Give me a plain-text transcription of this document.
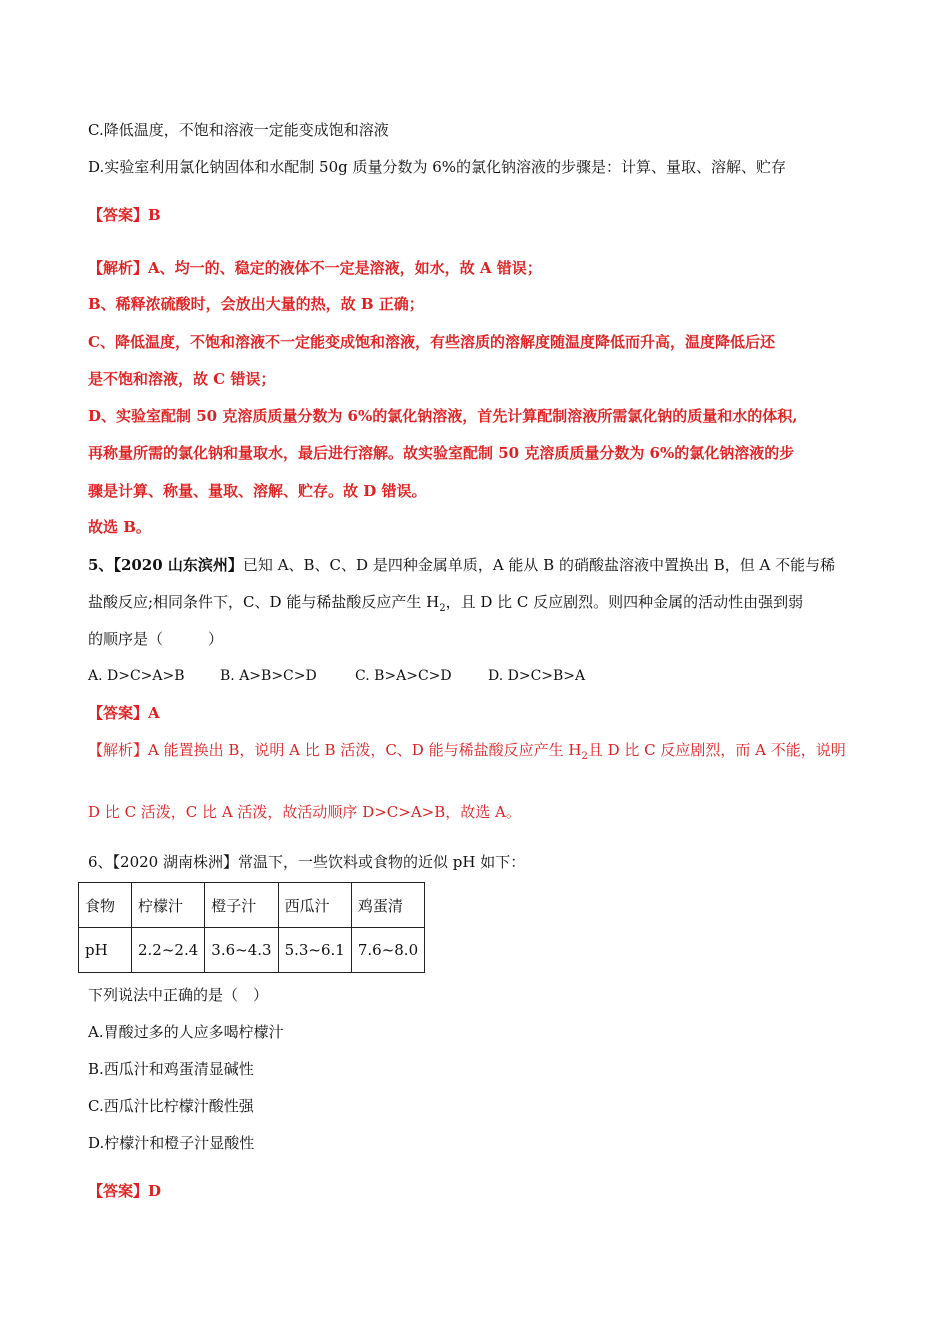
C.降低温度，不饱和溶液一定能变成饱和溶液
D.实验室利用氯化钠固体和水配制 50g 质量分数为 6%的氯化钠溶液的步骤是：计算、量取、溶解、贮存
【答案】B
【解析】A、均一的、稳定的液体不一定是溶液，如水，故 A 错误；
B、稀释浓硫酸时，会放出大量的热，故 B 正确；
C、降低温度，不饱和溶液不一定能变成饱和溶液，有些溶质的溶解度随温度降低而升高，温度降低后还
是不饱和溶液，故 C 错误；
D、实验室配制 50 克溶质质量分数为 6%的氯化钠溶液，首先计算配制溶液所需氯化钠的质量和水的体积,
再称量所需的氯化钠和量取水，最后进行溶解。故实验室配制 50 克溶质质量分数为 6%的氯化钠溶液的步
骤是计算、称量、量取、溶解、贮存。故 D 错误。
故选 B。
5、【2020 山东滨州】已知 A、B、C、D 是四种金属单质，A 能从 B 的硝酸盐溶液中置换出 B，但 A 不能与稀
盐酸反应;相同条件下，C、D 能与稀盐酸反应产生 $H_2$，且 D 比 C 反应剧烈。则四种金属的活动性由强到弱
的顺序是（　　　）
A. D>C>A>B	B. A>B>C>D	C. B>A>C>D	D. D>C>B>A
【答案】A
【解析】A 能置换出 B，说明 A 比 B 活泼，C、D 能与稀盐酸反应产生 $H_2$且 D 比 C 反应剧烈，而 A 不能，说明
D 比 C 活泼，C 比 A 活泼，故活动顺序 D>C>A>B，故选 A。
6、【2020 湖南株洲】常温下，一些饮料或食物的近似 pH 如下：
食物	柠檬汁	橙子汁	西瓜汁	鸡蛋清
pH	2.2~2.4	3.6~4.3	5.3~6.1	7.6~8.0
下列说法中正确的是（　）
A.胃酸过多的人应多喝柠檬汁
B.西瓜汁和鸡蛋清显碱性
C.西瓜汁比柠檬汁酸性强
D.柠檬汁和橙子汁显酸性
【答案】D
